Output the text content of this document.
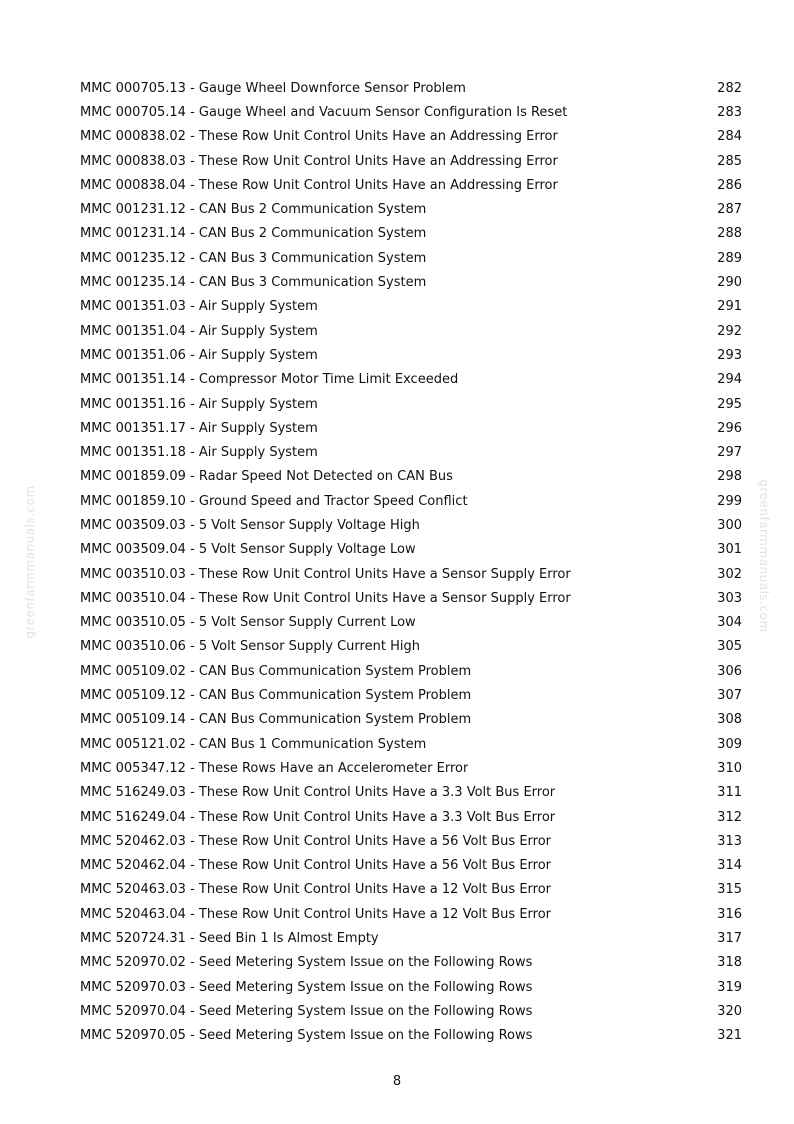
greenfarmmanuals.com	greenfarmmanuals.com
MMC 000705.13 - Gauge Wheel Downforce Sensor Problem	282
MMC 000705.14 - Gauge Wheel and Vacuum Sensor Configuration Is Reset	283
MMC 000838.02 - These Row Unit Control Units Have an Addressing Error	284
MMC 000838.03 - These Row Unit Control Units Have an Addressing Error	285
MMC 000838.04 - These Row Unit Control Units Have an Addressing Error	286
MMC 001231.12 - CAN Bus 2 Communication System	287
MMC 001231.14 - CAN Bus 2 Communication System	288
MMC 001235.12 - CAN Bus 3 Communication System	289
MMC 001235.14 - CAN Bus 3 Communication System	290
MMC 001351.03 - Air Supply System	291
MMC 001351.04 - Air Supply System	292
MMC 001351.06 - Air Supply System	293
MMC 001351.14 - Compressor Motor Time Limit Exceeded	294
MMC 001351.16 - Air Supply System	295
MMC 001351.17 - Air Supply System	296
MMC 001351.18 - Air Supply System	297
MMC 001859.09 - Radar Speed Not Detected on CAN Bus	298
MMC 001859.10 - Ground Speed and Tractor Speed Conflict	299
MMC 003509.03 - 5 Volt Sensor Supply Voltage High	300
MMC 003509.04 - 5 Volt Sensor Supply Voltage Low	301
MMC 003510.03 - These Row Unit Control Units Have a Sensor Supply Error	302
MMC 003510.04 - These Row Unit Control Units Have a Sensor Supply Error	303
MMC 003510.05 - 5 Volt Sensor Supply Current Low	304
MMC 003510.06 - 5 Volt Sensor Supply Current High	305
MMC 005109.02 - CAN Bus Communication System Problem	306
MMC 005109.12 - CAN Bus Communication System Problem	307
MMC 005109.14 - CAN Bus Communication System Problem	308
MMC 005121.02 - CAN Bus 1 Communication System	309
MMC 005347.12 - These Rows Have an Accelerometer Error	310
MMC 516249.03 - These Row Unit Control Units Have a 3.3 Volt Bus Error	311
MMC 516249.04 - These Row Unit Control Units Have a 3.3 Volt Bus Error	312
MMC 520462.03 - These Row Unit Control Units Have a 56 Volt Bus Error	313
MMC 520462.04 - These Row Unit Control Units Have a 56 Volt Bus Error	314
MMC 520463.03 - These Row Unit Control Units Have a 12 Volt Bus Error	315
MMC 520463.04 - These Row Unit Control Units Have a 12 Volt Bus Error	316
MMC 520724.31 - Seed Bin 1 Is Almost Empty	317
MMC 520970.02 - Seed Metering System Issue on the Following Rows	318
MMC 520970.03 - Seed Metering System Issue on the Following Rows	319
MMC 520970.04 - Seed Metering System Issue on the Following Rows	320
MMC 520970.05 - Seed Metering System Issue on the Following Rows	321
8
